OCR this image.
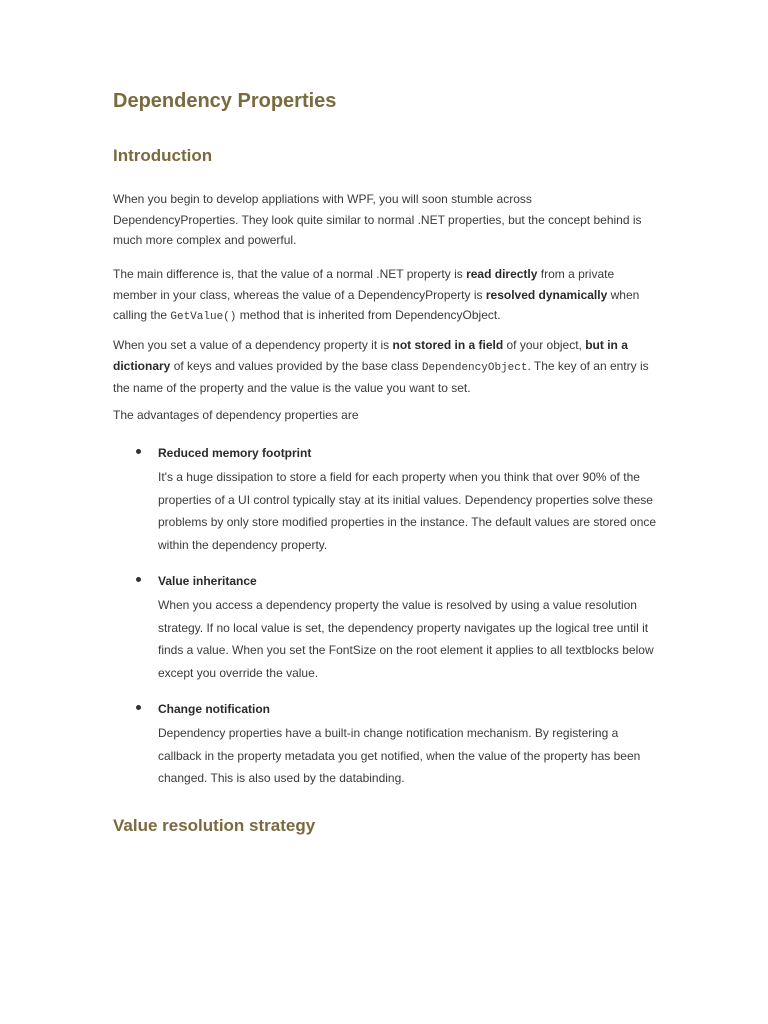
Dependency Properties
Introduction

When you begin to develop appliations with WPF, you will soon stumble across DependencyProperties. They look quite similar to normal .NET properties, but the concept behind is much more complex and powerful.

The main difference is, that the value of a normal .NET property is read directly from a private member in your class, whereas the value of a DependencyProperty is resolved dynamically when calling the GetValue() method that is inherited from DependencyObject.

When you set a value of a dependency property it is not stored in a field of your object, but in a dictionary of keys and values provided by the base class DependencyObject. The key of an entry is the name of the property and the value is the value you want to set.

The advantages of dependency properties are

Reduced memory footprint

It's a huge dissipation to store a field for each property when you think that over 90% of the properties of a UI control typically stay at its initial values. Dependency properties solve these problems by only store modified properties in the instance. The default values are stored once within the dependency property.

Value inheritance

When you access a dependency property the value is resolved by using a value resolution strategy. If no local value is set, the dependency property navigates up the logical tree until it finds a value. When you set the FontSize on the root element it applies to all textblocks below except you override the value.

Change notification

Dependency properties have a built-in change notification mechanism. By registering a callback in the property metadata you get notified, when the value of the property has been changed. This is also used by the databinding.

Value resolution strategy
